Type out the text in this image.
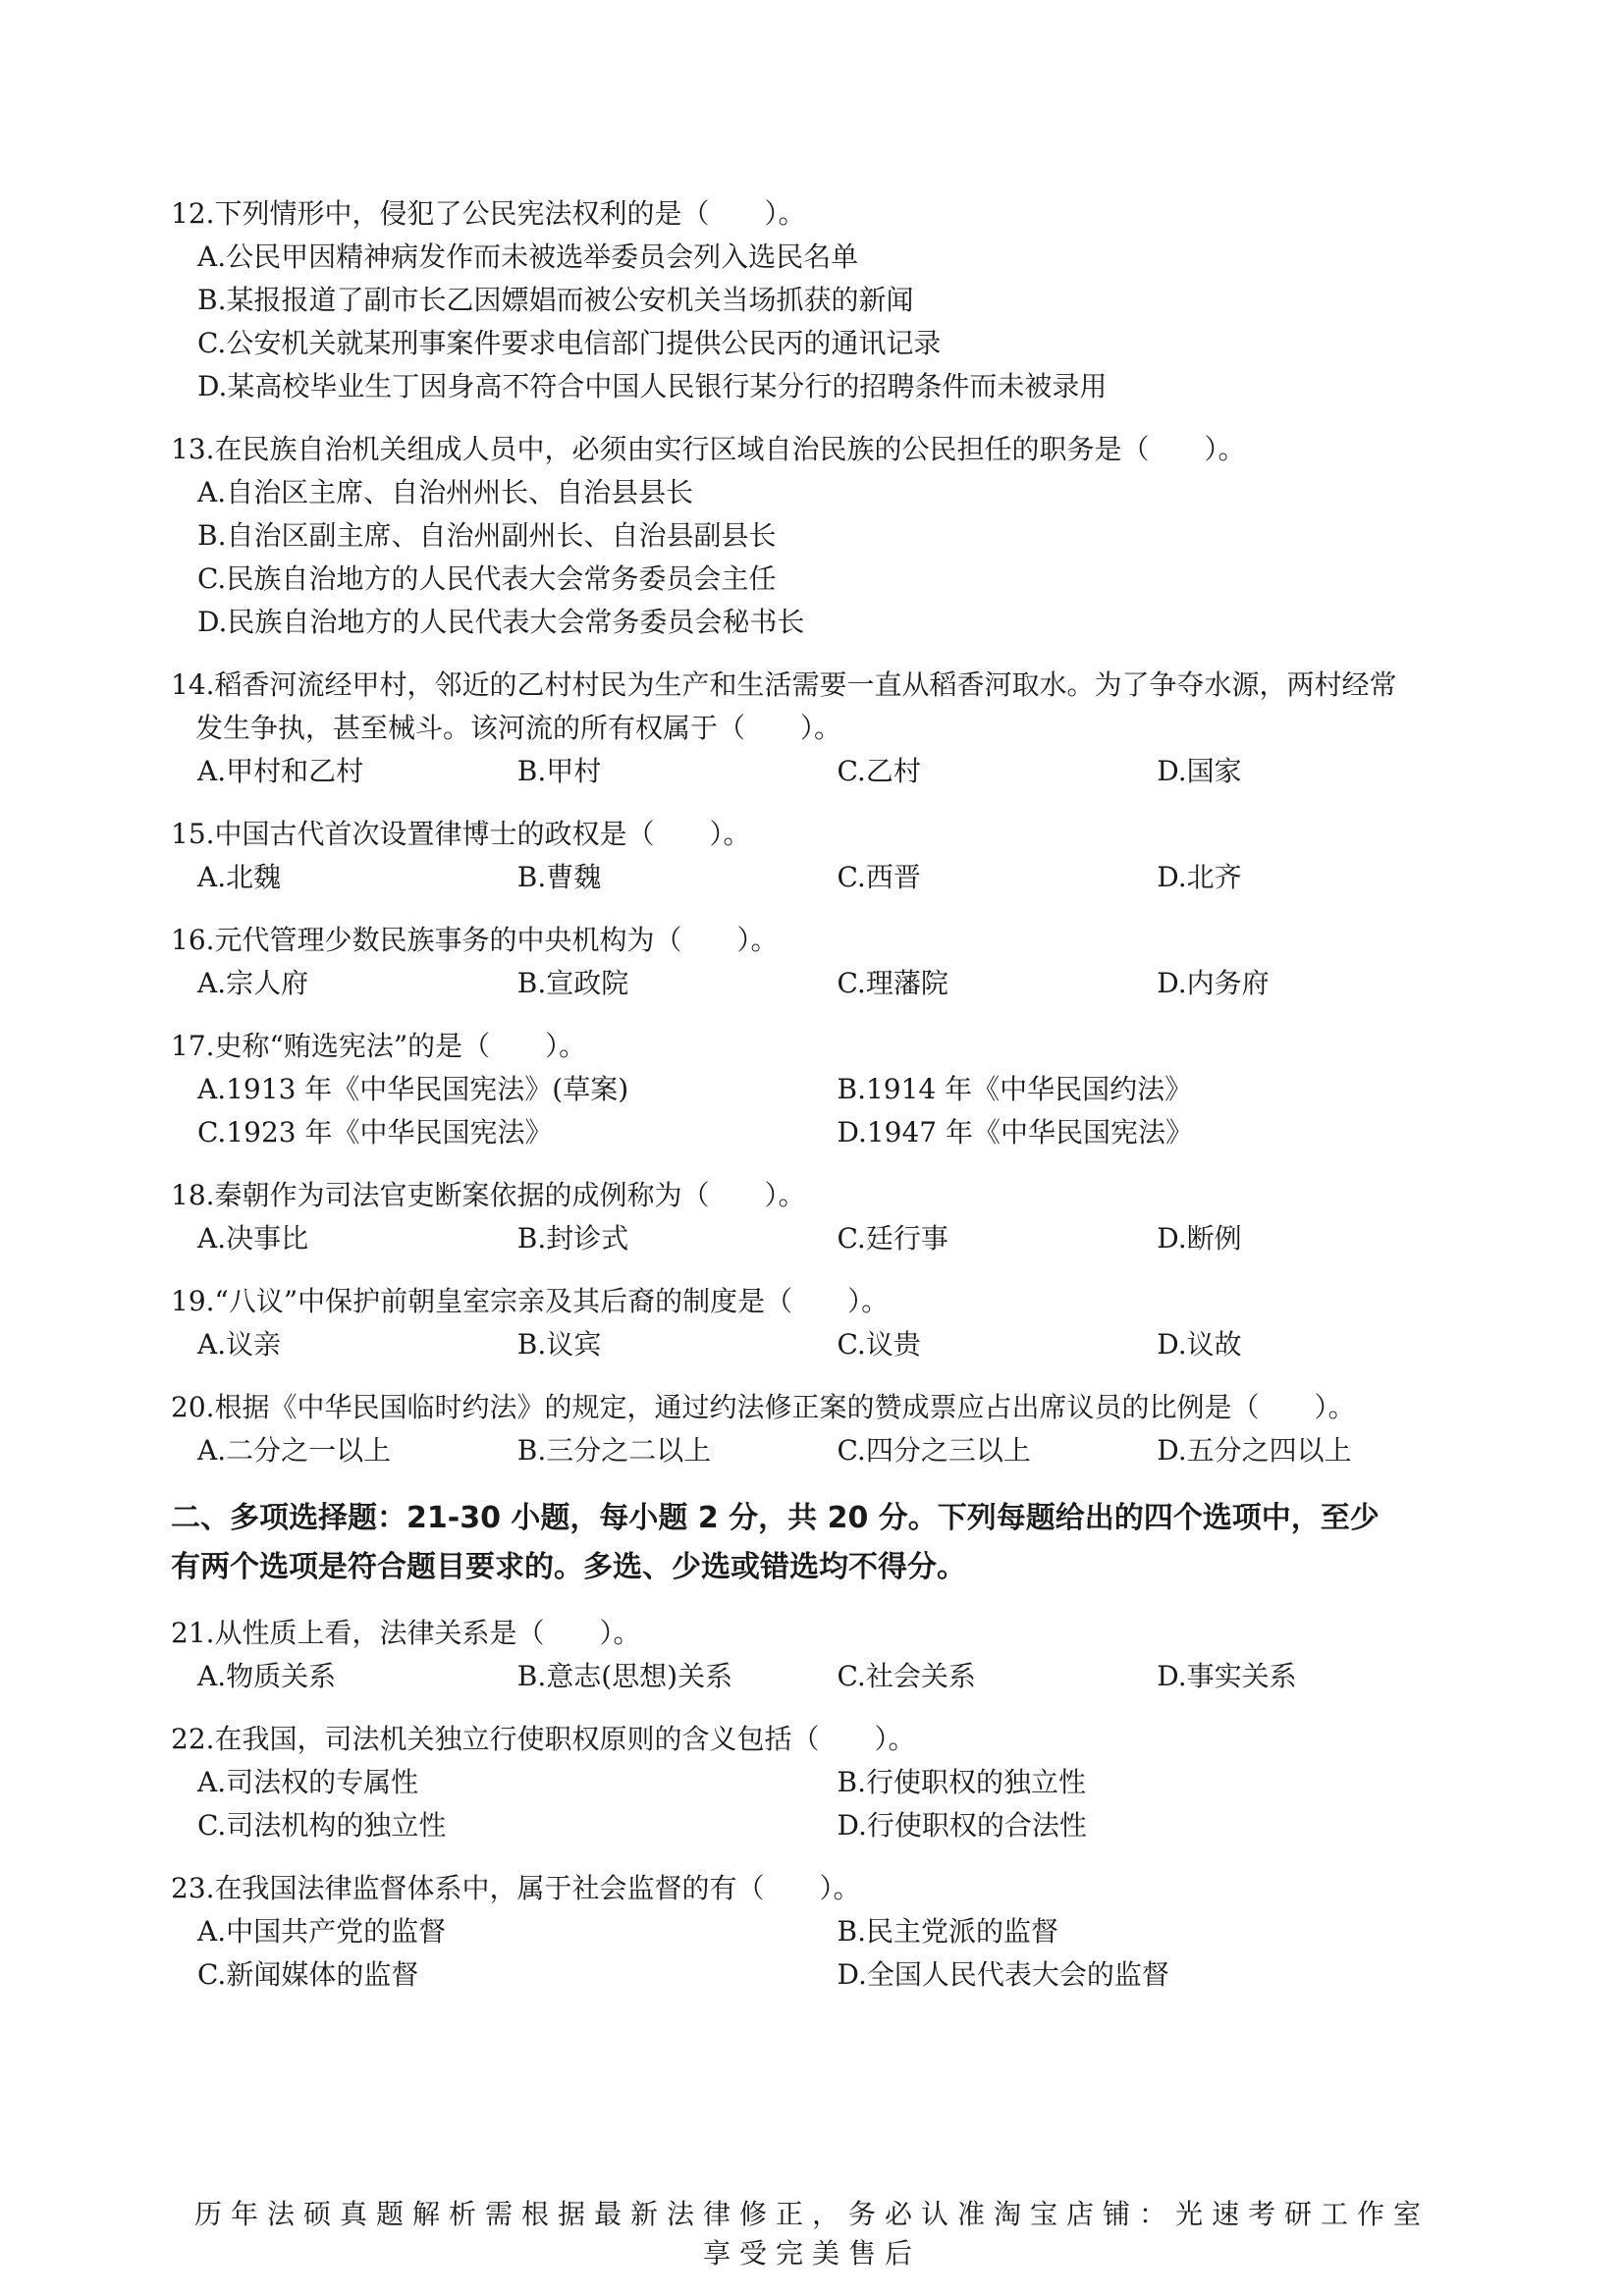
12.下列情形中，侵犯了公民宪法权利的是（　　）。
A.公民甲因精神病发作而未被选举委员会列入选民名单
B.某报报道了副市长乙因嫖娼而被公安机关当场抓获的新闻
C.公安机关就某刑事案件要求电信部门提供公民丙的通讯记录
D.某高校毕业生丁因身高不符合中国人民银行某分行的招聘条件而未被录用
13.在民族自治机关组成人员中，必须由实行区域自治民族的公民担任的职务是（　　）。
A.自治区主席、自治州州长、自治县县长
B.自治区副主席、自治州副州长、自治县副县长
C.民族自治地方的人民代表大会常务委员会主任
D.民族自治地方的人民代表大会常务委员会秘书长
14.稻香河流经甲村，邻近的乙村村民为生产和生活需要一直从稻香河取水。为了争夺水源，两村经常
发生争执，甚至械斗。该河流的所有权属于（　　）。
A.甲村和乙村	B.甲村	C.乙村	D.国家
15.中国古代首次设置律博士的政权是（　　）。
A.北魏	B.曹魏	C.西晋	D.北齐
16.元代管理少数民族事务的中央机构为（　　）。
A.宗人府	B.宣政院	C.理藩院	D.内务府
17.史称“贿选宪法”的是（　　）。
A.1913 年《中华民国宪法》(草案)	B.1914 年《中华民国约法》
C.1923 年《中华民国宪法》	D.1947 年《中华民国宪法》
18.秦朝作为司法官吏断案依据的成例称为（　　）。
A.决事比	B.封诊式	C.廷行事	D.断例
19.“八议”中保护前朝皇室宗亲及其后裔的制度是（　　）。
A.议亲	B.议宾	C.议贵	D.议故
20.根据《中华民国临时约法》的规定，通过约法修正案的赞成票应占出席议员的比例是（　　）。
A.二分之一以上	B.三分之二以上	C.四分之三以上	D.五分之四以上
二、多项选择题：21-30 小题，每小题 2 分，共 20 分。下列每题给出的四个选项中，至少
有两个选项是符合题目要求的。多选、少选或错选均不得分。
21.从性质上看，法律关系是（　　）。
A.物质关系	B.意志(思想)关系	C.社会关系	D.事实关系
22.在我国，司法机关独立行使职权原则的含义包括（　　）。
A.司法权的专属性	B.行使职权的独立性
C.司法机构的独立性	D.行使职权的合法性
23.在我国法律监督体系中，属于社会监督的有（　　）。
A.中国共产党的监督	B.民主党派的监督
C.新闻媒体的监督	D.全国人民代表大会的监督
历年法硕真题解析需根据最新法律修正，务必认准淘宝店铺：光速考研工作室
享受完美售后
